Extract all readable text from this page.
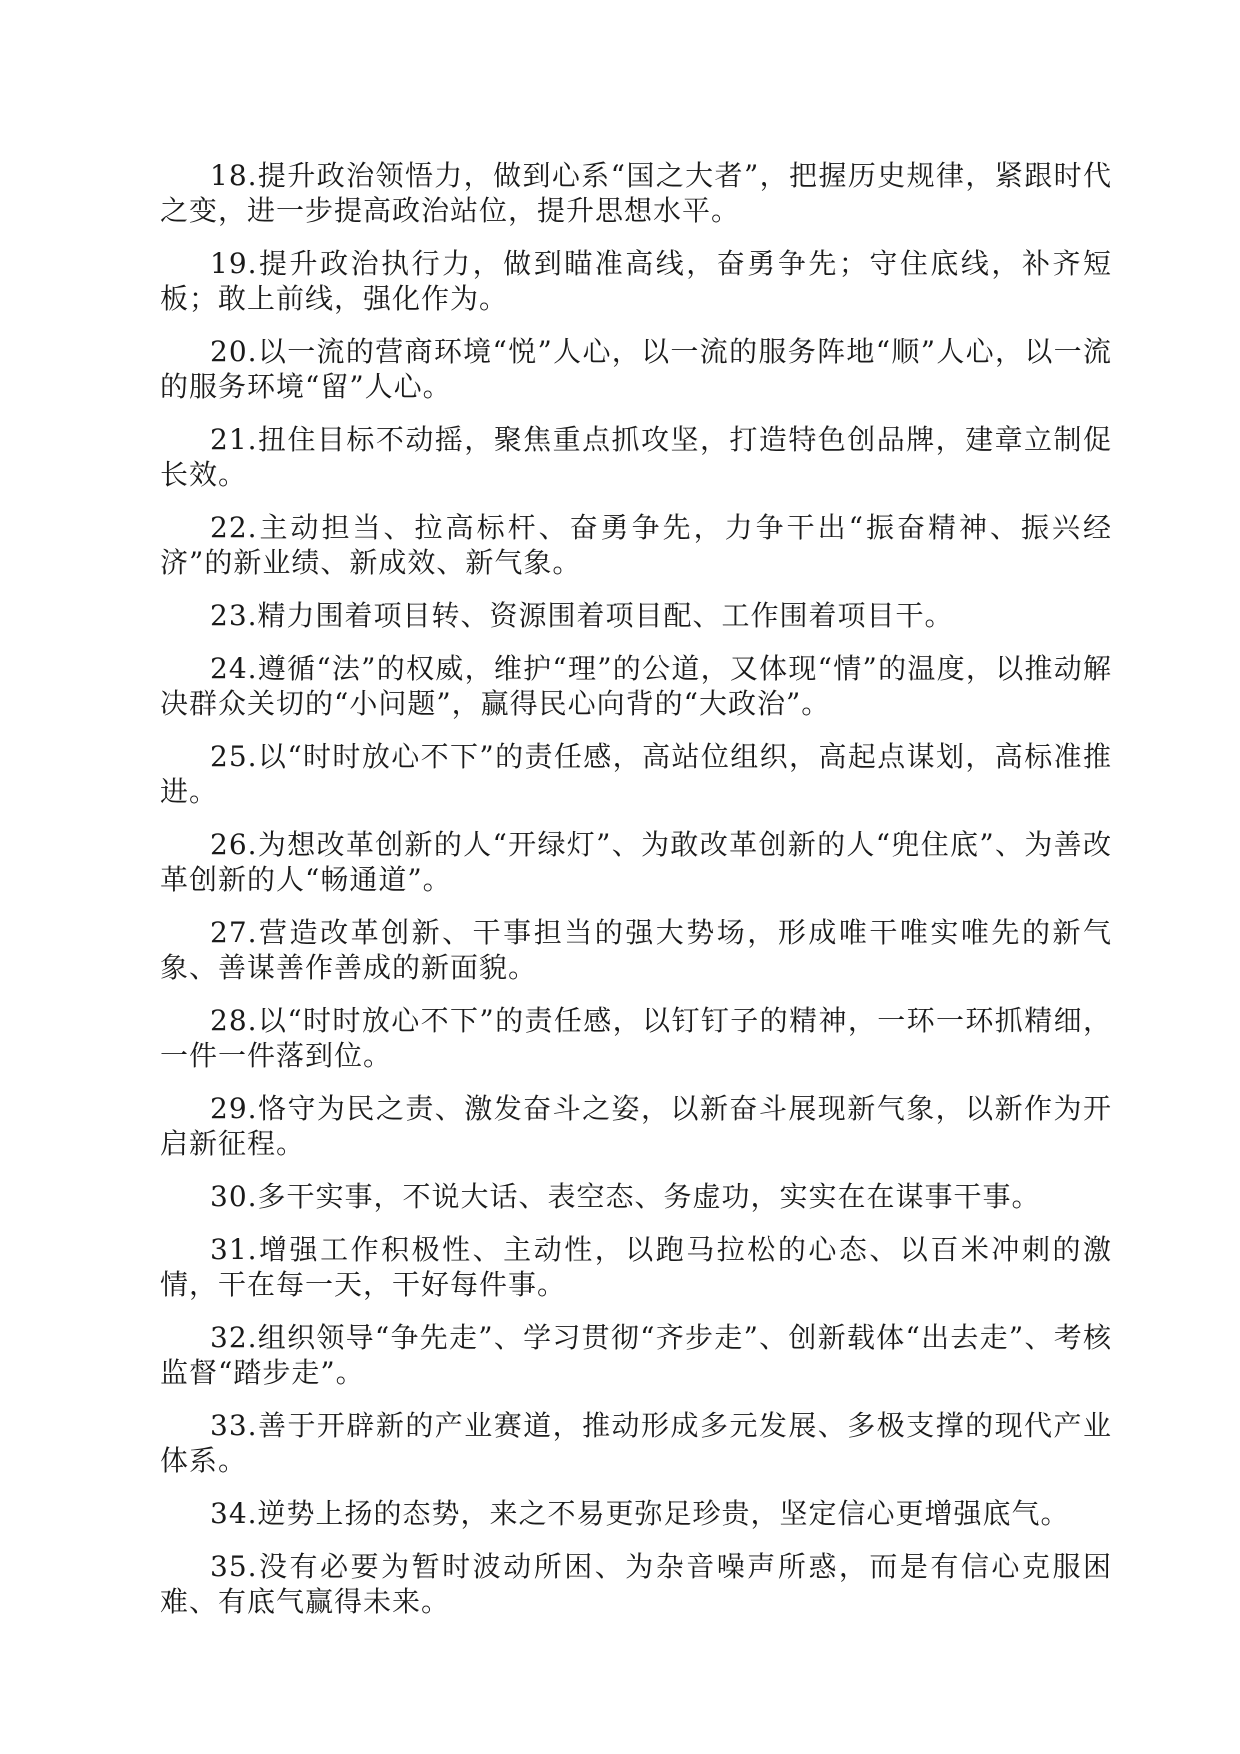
18.提升政治领悟力，做到心系“国之大者”，把握历史规律，紧跟时代之变，进一步提高政治站位，提升思想水平。

19.提升政治执行力，做到瞄准高线，奋勇争先；守住底线，补齐短板；敢上前线，强化作为。

20.以一流的营商环境“悦”人心，以一流的服务阵地“顺”人心，以一流的服务环境“留”人心。

21.扭住目标不动摇，聚焦重点抓攻坚，打造特色创品牌，建章立制促长效。

22.主动担当、拉高标杆、奋勇争先，力争干出“振奋精神、振兴经济”的新业绩、新成效、新气象。

23.精力围着项目转、资源围着项目配、工作围着项目干。

24.遵循“法”的权威，维护“理”的公道，又体现“情”的温度，以推动解决群众关切的“小问题”，赢得民心向背的“大政治”。

25.以“时时放心不下”的责任感，高站位组织，高起点谋划，高标准推进。

26.为想改革创新的人“开绿灯”、为敢改革创新的人“兜住底”、为善改革创新的人“畅通道”。

27.营造改革创新、干事担当的强大势场，形成唯干唯实唯先的新气象、善谋善作善成的新面貌。

28.以“时时放心不下”的责任感，以钉钉子的精神，一环一环抓精细，一件一件落到位。

29.恪守为民之责、激发奋斗之姿，以新奋斗展现新气象，以新作为开启新征程。

30.多干实事，不说大话、表空态、务虚功，实实在在谋事干事。

31.增强工作积极性、主动性，以跑马拉松的心态、以百米冲刺的激情，干在每一天，干好每件事。

32.组织领导“争先走”、学习贯彻“齐步走”、创新载体“出去走”、考核监督“踏步走”。

33.善于开辟新的产业赛道，推动形成多元发展、多极支撑的现代产业体系。

34.逆势上扬的态势，来之不易更弥足珍贵，坚定信心更增强底气。

35.没有必要为暂时波动所困、为杂音噪声所惑，而是有信心克服困难、有底气赢得未来。
